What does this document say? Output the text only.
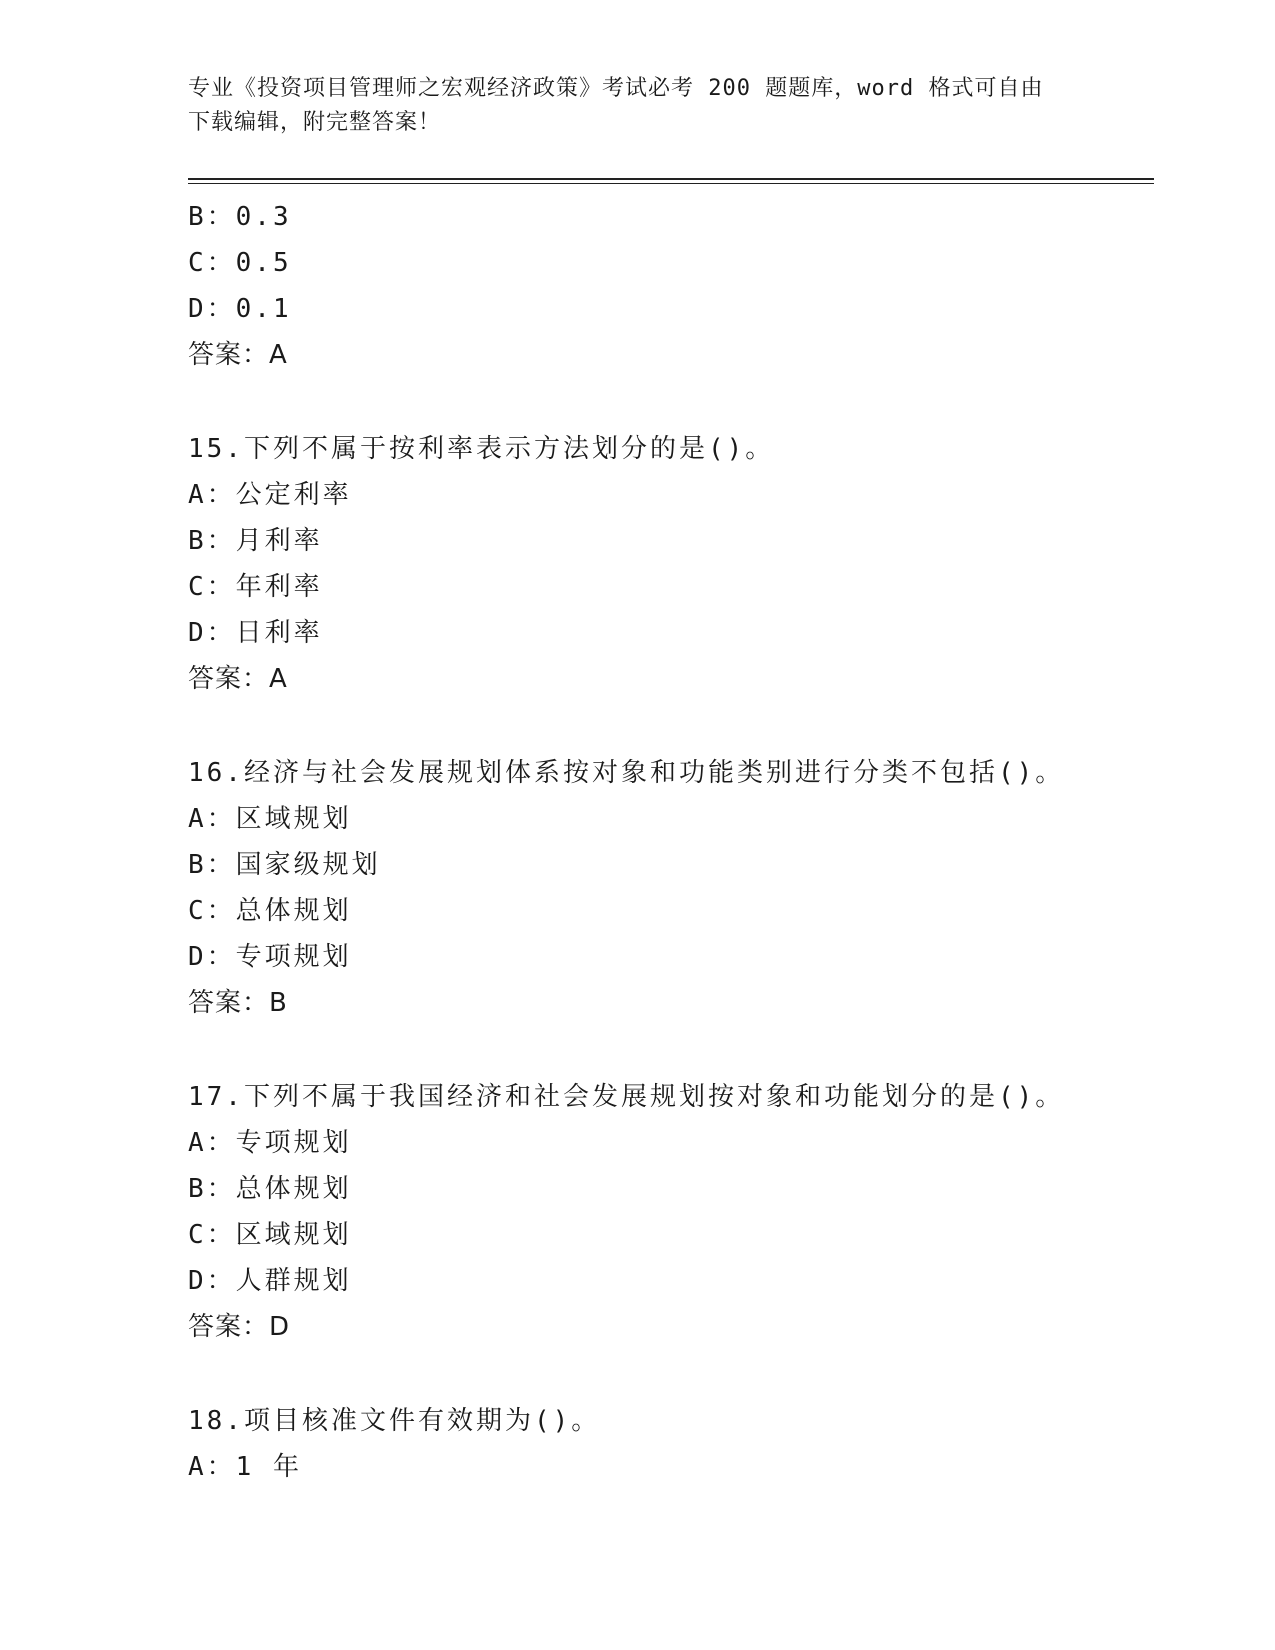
专业《投资项目管理师之宏观经济政策》考试必考 200 题题库，word 格式可自由
下载编辑，附完整答案！
B：0.3
C：0.5
D：0.1
答案：A
15.下列不属于按利率表示方法划分的是()。
A：公定利率
B：月利率
C：年利率
D：日利率
答案：A
16.经济与社会发展规划体系按对象和功能类别进行分类不包括()。
A：区域规划
B：国家级规划
C：总体规划
D：专项规划
答案：B
17.下列不属于我国经济和社会发展规划按对象和功能划分的是()。
A：专项规划
B：总体规划
C：区域规划
D：人群规划
答案：D
18.项目核准文件有效期为()。
A：1 年
